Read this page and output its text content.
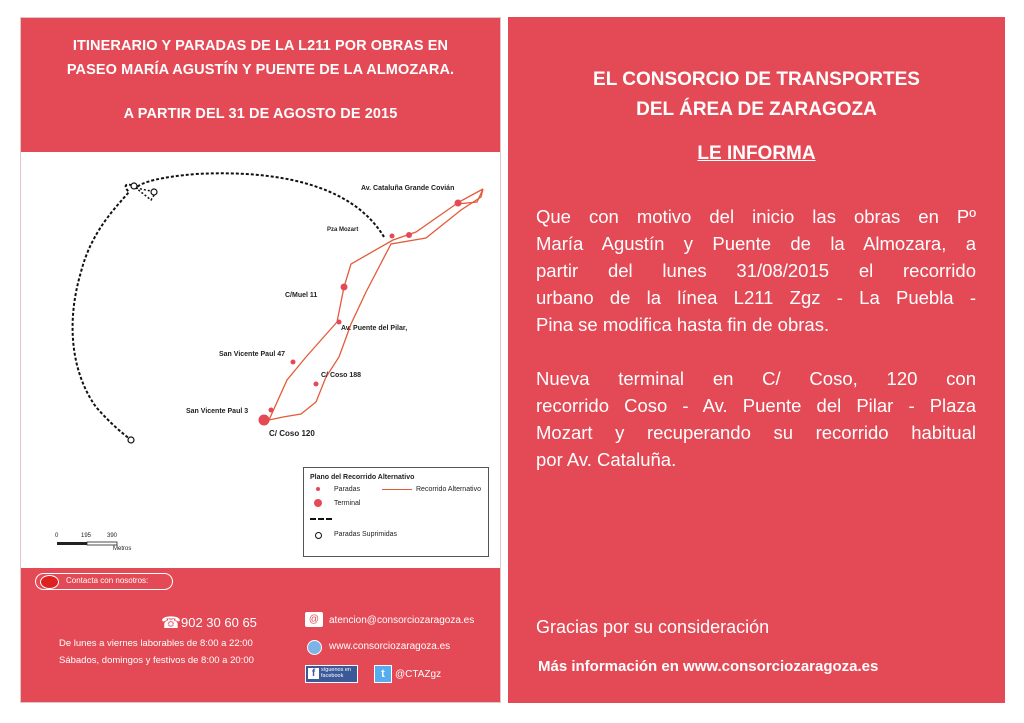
ITINERARIO Y PARADAS DE LA L211 POR OBRAS EN
PASEO MARÍA AGUSTÍN Y PUENTE DE LA ALMOZARA.
A PARTIR DEL 31 DE AGOSTO DE 2015
Av. Cataluña Grande Covián
Pza Mozart
C/Muel 11
Av. Puente del Pilar,
San Vicente Paul 47
C/ Coso 188
San Vicente Paul 3
C/ Coso 120
Plano del Recorrido Alternativo
Paradas	Recorrido Alternativo
Terminal
Paradas Suprimidas
0	195	390
Metros
Contacta con nosotros:
☎ 902 30 60 65
De lunes a viernes laborables de 8:00 a 22:00
Sábados, domingos y festivos de 8:00 a 20:00
@ atencion@consorciozaragoza.es
www.consorciozaragoza.es
f	síguenos en facebook	t	@CTAZgz
EL CONSORCIO DE TRANSPORTES
DEL ÁREA DE ZARAGOZA
LE INFORMA
Que con motivo del inicio las obras en Pº
María Agustín y Puente de la Almozara, a
partir del lunes 31/08/2015 el recorrido
urbano de la línea L211 Zgz - La Puebla -
Pina se modifica hasta fin de obras.
Nueva terminal en C/ Coso, 120 con
recorrido Coso - Av. Puente del Pilar - Plaza
Mozart y recuperando su recorrido habitual
por Av. Cataluña.
Gracias por su consideración
Más información en www.consorciozaragoza.es
